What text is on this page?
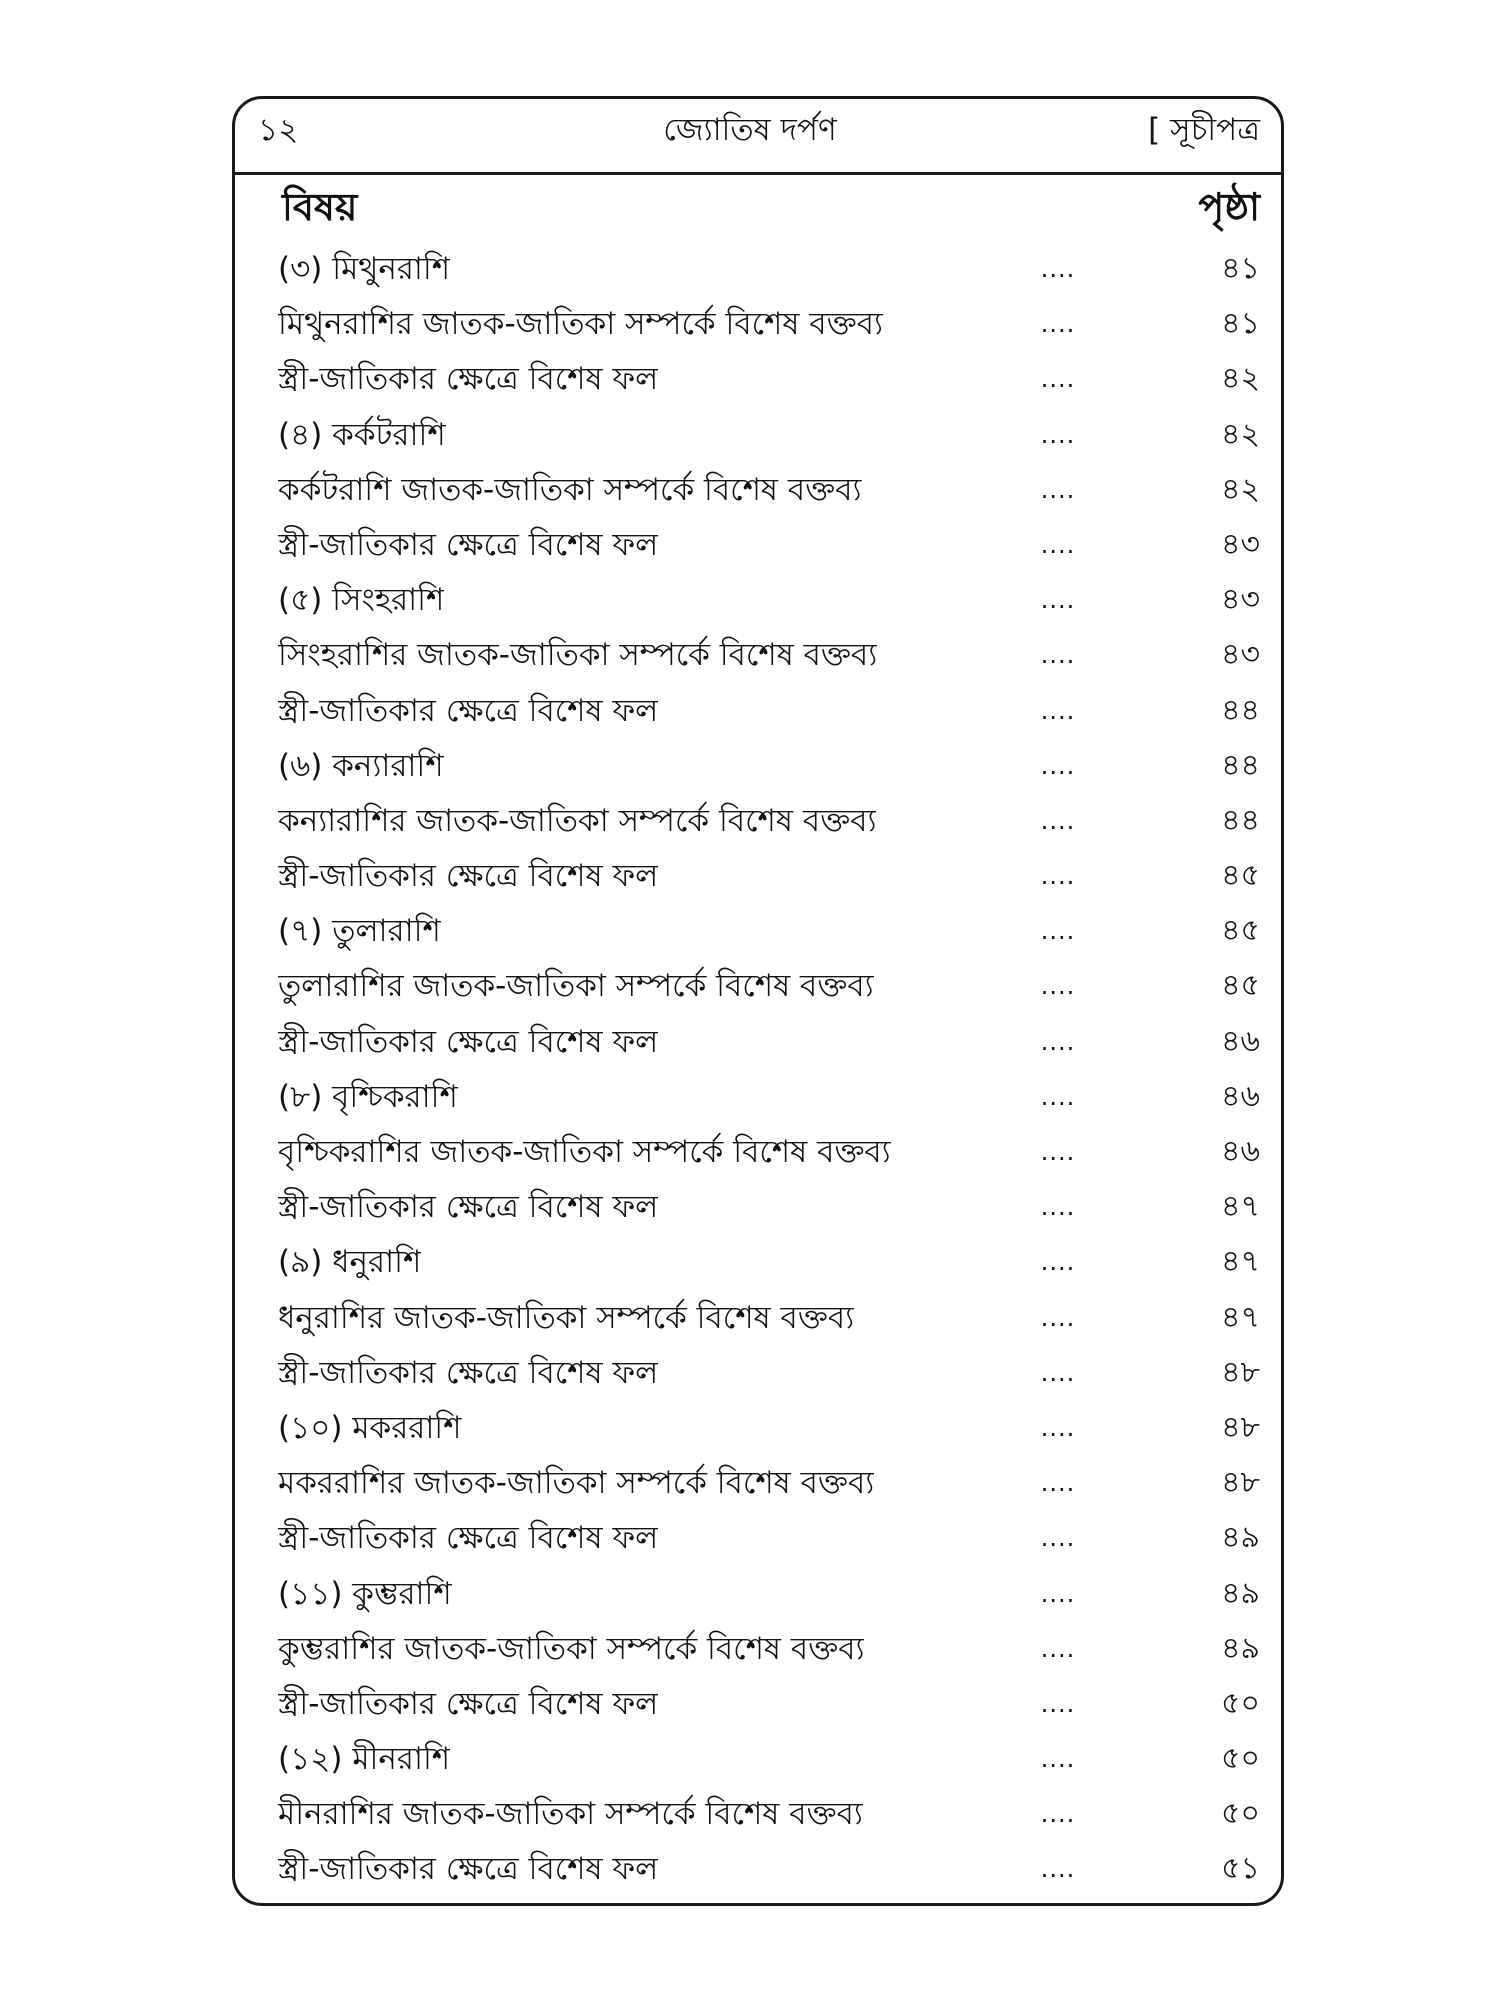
জ্যোতিষ দর্পণ
১২	[ সূচীপত্র
বিষয়	পৃষ্ঠা
(৩) মিথুনরাশি	....	৪১
মিথুনরাশির জাতক-জাতিকা সম্পর্কে বিশেষ বক্তব্য	....	৪১
স্ত্রী-জাতিকার ক্ষেত্রে বিশেষ ফল	....	৪২
(৪) কর্কটরাশি	....	৪২
কর্কটরাশি জাতক-জাতিকা সম্পর্কে বিশেষ বক্তব্য	....	৪২
স্ত্রী-জাতিকার ক্ষেত্রে বিশেষ ফল	....	৪৩
(৫) সিংহরাশি	....	৪৩
সিংহরাশির জাতক-জাতিকা সম্পর্কে বিশেষ বক্তব্য	....	৪৩
স্ত্রী-জাতিকার ক্ষেত্রে বিশেষ ফল	....	৪৪
(৬) কন্যারাশি	....	৪৪
কন্যারাশির জাতক-জাতিকা সম্পর্কে বিশেষ বক্তব্য	....	৪৪
স্ত্রী-জাতিকার ক্ষেত্রে বিশেষ ফল	....	৪৫
(৭) তুলারাশি	....	৪৫
তুলারাশির জাতক-জাতিকা সম্পর্কে বিশেষ বক্তব্য	....	৪৫
স্ত্রী-জাতিকার ক্ষেত্রে বিশেষ ফল	....	৪৬
(৮) বৃশ্চিকরাশি	....	৪৬
বৃশ্চিকরাশির জাতক-জাতিকা সম্পর্কে বিশেষ বক্তব্য	....	৪৬
স্ত্রী-জাতিকার ক্ষেত্রে বিশেষ ফল	....	৪৭
(৯) ধনুরাশি	....	৪৭
ধনুরাশির জাতক-জাতিকা সম্পর্কে বিশেষ বক্তব্য	....	৪৭
স্ত্রী-জাতিকার ক্ষেত্রে বিশেষ ফল	....	৪৮
(১০) মকররাশি	....	৪৮
মকররাশির জাতক-জাতিকা সম্পর্কে বিশেষ বক্তব্য	....	৪৮
স্ত্রী-জাতিকার ক্ষেত্রে বিশেষ ফল	....	৪৯
(১১) কুম্ভরাশি	....	৪৯
কুম্ভরাশির জাতক-জাতিকা সম্পর্কে বিশেষ বক্তব্য	....	৪৯
স্ত্রী-জাতিকার ক্ষেত্রে বিশেষ ফল	....	৫০
(১২) মীনরাশি	....	৫০
মীনরাশির জাতক-জাতিকা সম্পর্কে বিশেষ বক্তব্য	....	৫০
স্ত্রী-জাতিকার ক্ষেত্রে বিশেষ ফল	....	৫১
